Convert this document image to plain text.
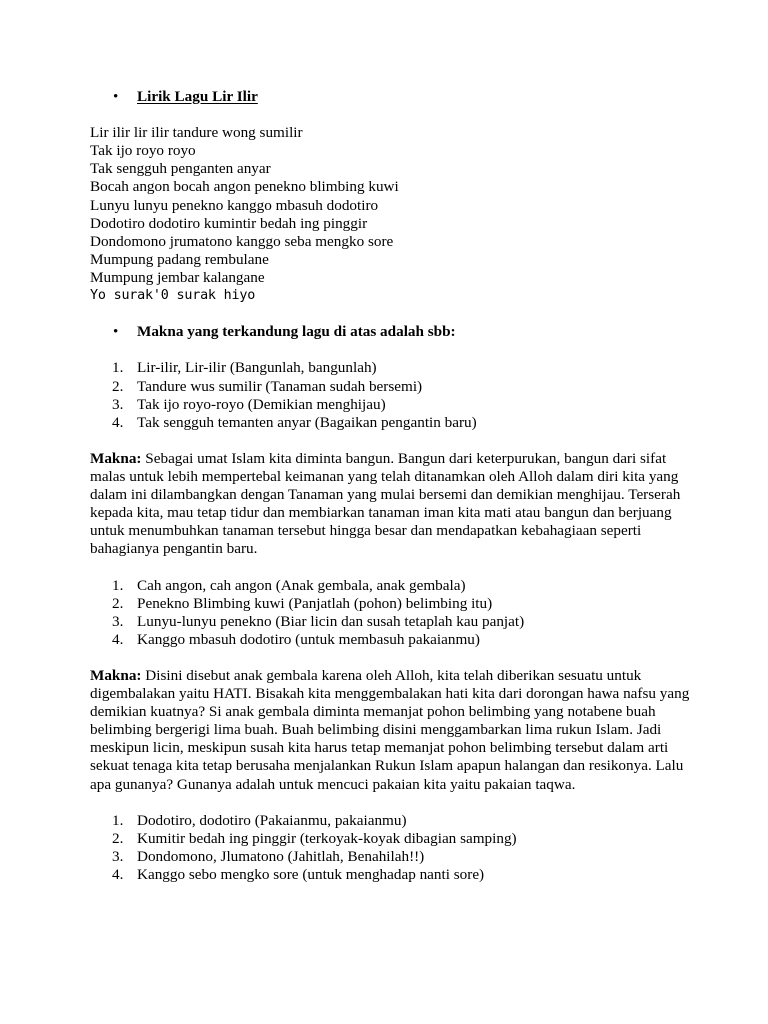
• Lirik Lagu Lir Ilir

Lir ilir lir ilir tandure wong sumilir
Tak ijo royo royo
Tak sengguh penganten anyar
Bocah angon bocah angon penekno blimbing kuwi
Lunyu lunyu penekno kanggo mbasuh dodotiro
Dodotiro dodotiro kumintir bedah ing pinggir
Dondomono jrumatono kanggo seba mengko sore
Mumpung padang rembulane
Mumpung jembar kalangane
Yo surak'0 surak hiyo

• Makna yang terkandung lagu di atas adalah sbb:

1. Lir-ilir, Lir-ilir (Bangunlah, bangunlah)
2. Tandure wus sumilir (Tanaman sudah bersemi)
3. Tak ijo royo-royo (Demikian menghijau)
4. Tak sengguh temanten anyar (Bagaikan pengantin baru)

Makna: Sebagai umat Islam kita diminta bangun. Bangun dari keterpurukan, bangun dari sifat malas untuk lebih mempertebal keimanan yang telah ditanamkan oleh Alloh dalam diri kita yang dalam ini dilambangkan dengan Tanaman yang mulai bersemi dan demikian menghijau. Terserah kepada kita, mau tetap tidur dan membiarkan tanaman iman kita mati atau bangun dan berjuang untuk menumbuhkan tanaman tersebut hingga besar dan mendapatkan kebahagiaan seperti bahagianya pengantin baru.

1. Cah angon, cah angon (Anak gembala, anak gembala)
2. Penekno Blimbing kuwi (Panjatlah (pohon) belimbing itu)
3. Lunyu-lunyu penekno (Biar licin dan susah tetaplah kau panjat)
4. Kanggo mbasuh dodotiro (untuk membasuh pakaianmu)

Makna: Disini disebut anak gembala karena oleh Alloh, kita telah diberikan sesuatu untuk digembalakan yaitu HATI. Bisakah kita menggembalakan hati kita dari dorongan hawa nafsu yang demikian kuatnya? Si anak gembala diminta memanjat pohon belimbing yang notabene buah belimbing bergerigi lima buah. Buah belimbing disini menggambarkan lima rukun Islam. Jadi meskipun licin, meskipun susah kita harus tetap memanjat pohon belimbing tersebut dalam arti sekuat tenaga kita tetap berusaha menjalankan Rukun Islam apapun halangan dan resikonya. Lalu apa gunanya? Gunanya adalah untuk mencuci pakaian kita yaitu pakaian taqwa.

1. Dodotiro, dodotiro (Pakaianmu, pakaianmu)
2. Kumitir bedah ing pinggir (terkoyak-koyak dibagian samping)
3. Dondomono, Jlumatono (Jahitlah, Benahilah!!)
4. Kanggo sebo mengko sore (untuk menghadap nanti sore)
